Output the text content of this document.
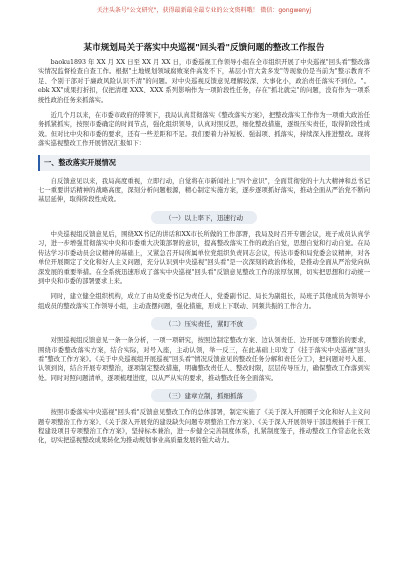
关注头条号"公文研究"，获得最新最全最专业的公文资料哦！ 微信：gongwenyj
某市规划局关于落实中央巡视"回头看"反馈问题的整改工作报告

baoku1893 年 XX 月 XX 日至 XX 月 XX 日，市委巡视工作领导小组在全市组织开展了中央巡视"回头看"整改落实情况监督检查自查工作。根据"土地规划领域腐败案件高发不下，基层小官大贪多发"等现象仍是当前为"整示教育不足、个别干部对于廉政风险认识不清"的问题。对中央巡视反馈意见理解较深、大事化小，政治责任落实不到位。"。ebk XX"成果打折扣，仅把清理 XXX、XXX 系列影响作为一项阶段性任务，存在"抓北就完"的问题，没有作为一项系统性政治任务来抓落实。

近几个月以来，在市委市政府的带领下，我局认真贯彻落实《整改落实方案》，把整改落实工作作为一项重大政治任务抓紧抓实，按照市委确定的时间节点，强化组织领导，认真对照反思，细化整改措施，逐级压实责任，取得阶段性成效。但对比中央和市委的要求，还有一些差距和不足。我们要着力补短板、强弱项、抓落实，持续深入推进整改。现将落实巡视整改工作开展情况汇报如下：

一、整改落实开展情况

自反馈意见以来，我局高度重视，立即行动，自觉将在市新闻社上"四个意识"，全面贯彻党的十九大精神和总书记七一重要讲话精神的战略高度，深刻分析问题根源，精心制定实施方案，逐步逐项抓好落实，推动全面从严治党不断向基层延伸，取得阶段性成效。

（一）以上率下，迅速行动

中央巡视组反馈意见后，围绕XX书记的讲话和XX市长所做的工作部署，我局及时召开专题会议，班子成员认真学习，进一步增强贯彻落实中央和市委重大决策部署的意识，提高整改落实工作的政治自觉，思想自觉和行动自觉。在局传达学习市委动员会议精神的基础上，又紧急召开局所属单位党组织负责同志会议，传达市委和局党委会议精神，对各单位开展圈定了文化和好人主义问题，充分认识到中央巡视"回头看"是一次深刻的政治体检，是推动全面从严治党向纵深发展的重要举措。在全系统迅速形成了落实中央巡视"回头看"反馈意见整改工作的浓厚氛围，切实把思想和行动统一到中央和市委的部署要求上来。

同时，建立健全组织机构，成立了由局党委书记为责任人，党委副书记、局长为副组长，局班子其他成员为领导小组成员的整改落实工作领导小组，主动查摆问题，强化措施，形成上下联动、同频共振的工作合力。

（二）压实责任，紧盯不放

对照巡视组反馈意见一条一条分析，一项一项研究，按照边制定整改方案、边认领责任、边开展专项整治的要求，围绕市委整改落实方案，结合实际，对号入座，主动认领，举一反三，在此基础上印发了《挂于落实中央巡视"回头看"整改工作方案》。《关于中央巡视组开展巡视"回头看"情况反馈意见的整改任务分解和责任分工》，把问题对号入座、认领到岗，结合开展专项整治，逐项制定整改措施，明确整改责任人、整改时限，层层传导压力，确保整改工作落到实处。同时对照问题清单，逐项梳理进度，以从严从实的要求，推动整改任务全面落实。

（三）建章立制，抓细抓落

按照市委落实中央巡视"回头看"反馈意见整改工作的总体部署，制定实施了《关于深入开展圈子文化和好人主义问题专项整治工作方案》、《关于深入开展党的建设缺失问题专项整治工作方案》、《关于深入开展领导干部违规插手干预工程建设项目专项整治工作方案》，坚持标本兼治，进一步健全完善制度体系，扎紧制度笼子，推动整改工作常态化长效化，切实把巡视整改成果转化为推动规划事业高质量发展的强大动力。
